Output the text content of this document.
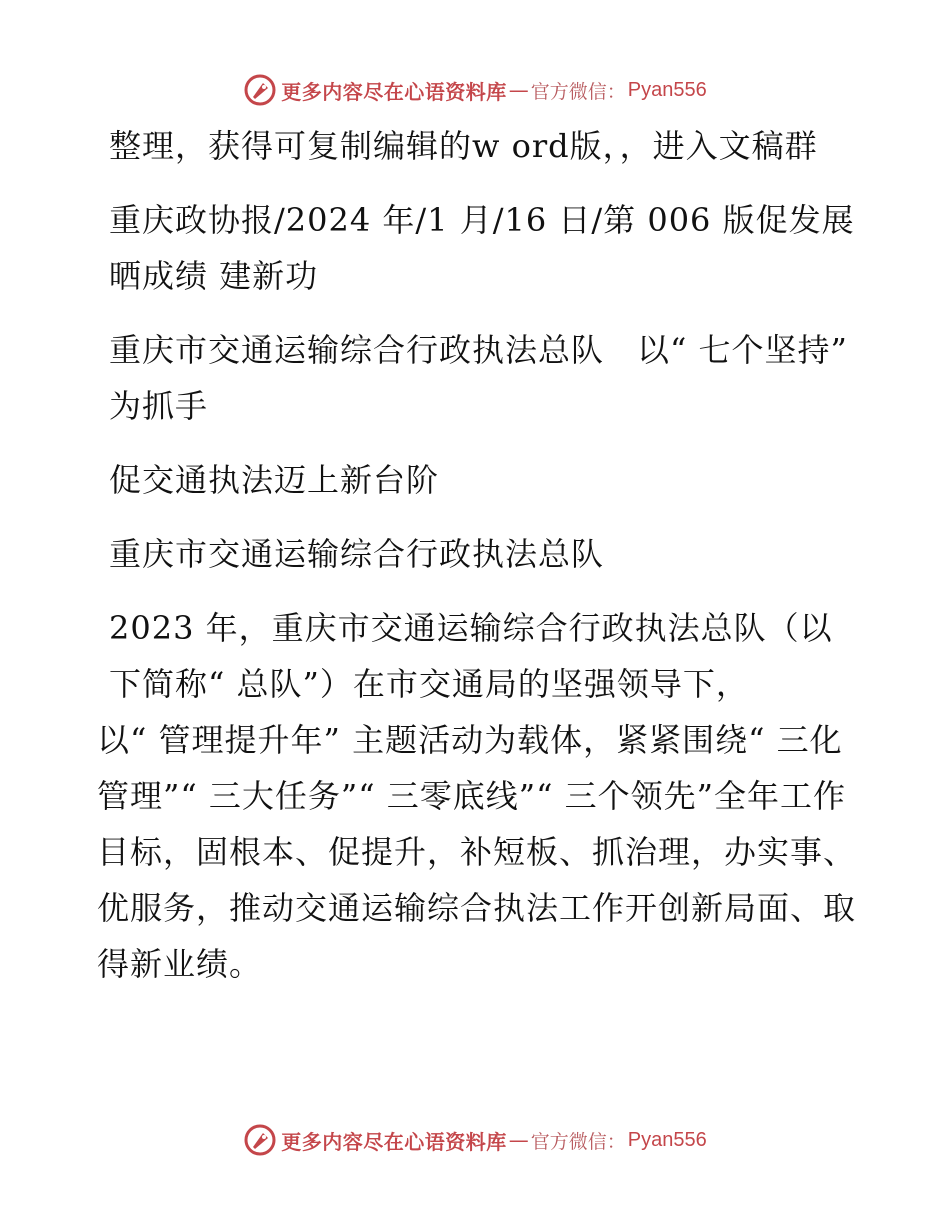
更多内容尽在心语资料库 — 官方微信： Pyan556

整理，获得可复制编辑的w ord版，，进入文稿群

重庆政协报/2024 年/1 月/16 日/第 006 版促发展 晒成绩 建新功

重庆市交通运输综合行政执法总队　以“ 七个坚持” 为抓手

促交通执法迈上新台阶

重庆市交通运输综合行政执法总队

2023 年，重庆市交通运输综合行政执法总队（以下简称“ 总队”）在市交通局的坚强领导下，

以“ 管理提升年” 主题活动为载体，紧紧围绕“ 三化管理”“ 三大任务”“ 三零底线”“ 三个领先”全年工作目标，固根本、促提升，补短板、抓治理，办实事、优服务，推动交通运输综合执法工作开创新局面、取得新业绩。

更多内容尽在心语资料库 — 官方微信： Pyan556
